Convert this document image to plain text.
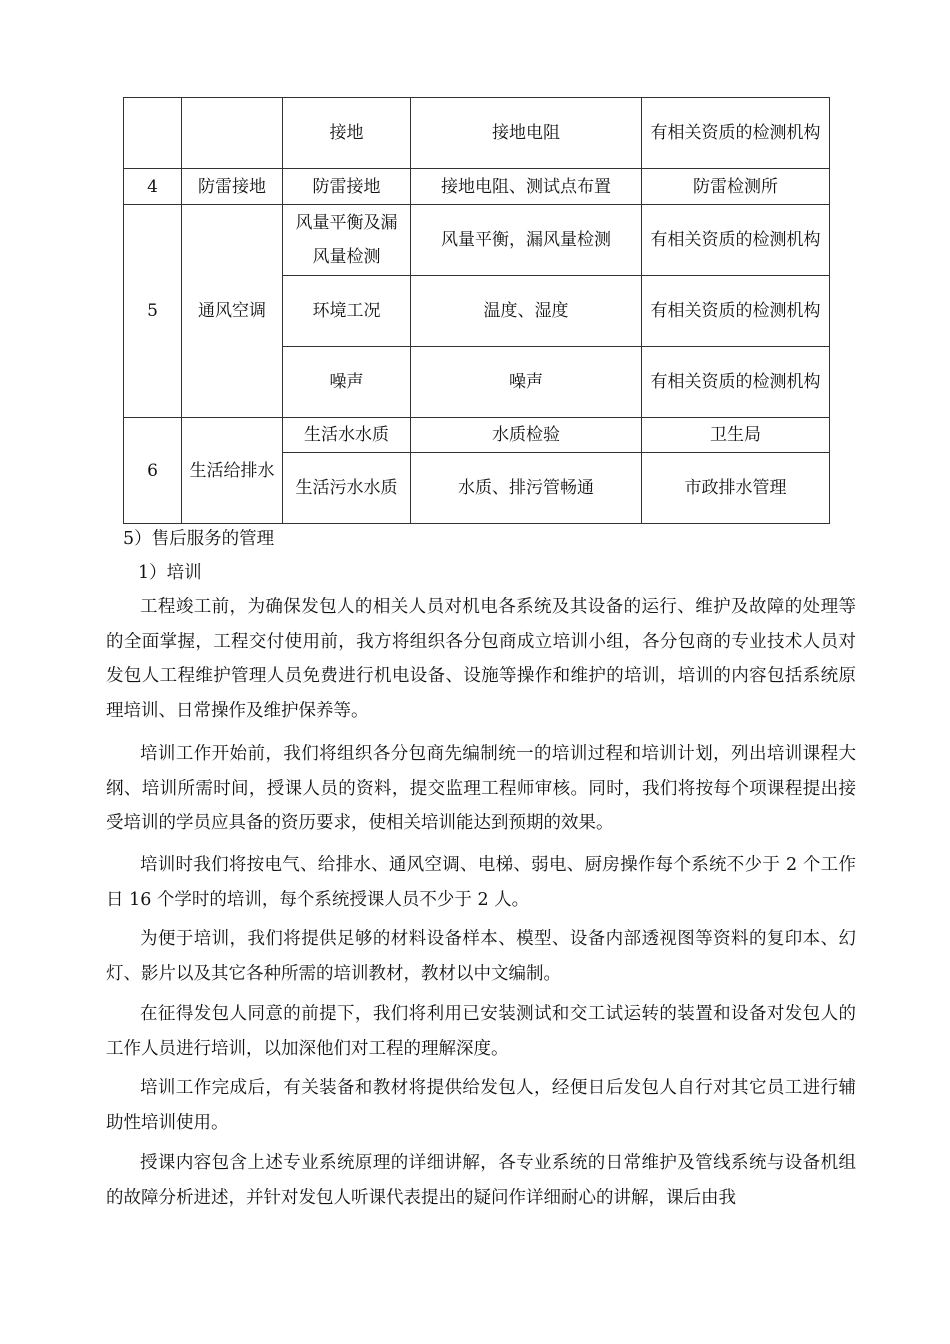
		接地	接地电阻	有相关资质的检测机构
4	防雷接地	防雷接地	接地电阻、测试点布置	防雷检测所
5	通风空调	风量平衡及漏风量检测	风量平衡，漏风量检测	有相关资质的检测机构
		环境工况	温度、湿度	有相关资质的检测机构
		噪声	噪声	有相关资质的检测机构
6	生活给排水	生活水水质	水质检验	卫生局
		生活污水水质	水质、排污管畅通	市政排水管理
5）售后服务的管理
1）培训

工程竣工前，为确保发包人的相关人员对机电各系统及其设备的运行、维护及故障的处理等的全面掌握，工程交付使用前，我方将组织各分包商成立培训小组，各分包商的专业技术人员对发包人工程维护管理人员免费进行机电设备、设施等操作和维护的培训，培训的内容包括系统原理培训、日常操作及维护保养等。

培训工作开始前，我们将组织各分包商先编制统一的培训过程和培训计划，列出培训课程大纲、培训所需时间，授课人员的资料，提交监理工程师审核。同时，我们将按每个项课程提出接受培训的学员应具备的资历要求，使相关培训能达到预期的效果。

培训时我们将按电气、给排水、通风空调、电梯、弱电、厨房操作每个系统不少于 2 个工作日 16 个学时的培训，每个系统授课人员不少于 2 人。

为便于培训，我们将提供足够的材料设备样本、模型、设备内部透视图等资料的复印本、幻灯、影片以及其它各种所需的培训教材，教材以中文编制。

在征得发包人同意的前提下，我们将利用已安装测试和交工试运转的装置和设备对发包人的工作人员进行培训，以加深他们对工程的理解深度。

培训工作完成后，有关装备和教材将提供给发包人，经便日后发包人自行对其它员工进行辅助性培训使用。

授课内容包含上述专业系统原理的详细讲解，各专业系统的日常维护及管线系统与设备机组的故障分析进述，并针对发包人听课代表提出的疑问作详细耐心的讲解，课后由我
